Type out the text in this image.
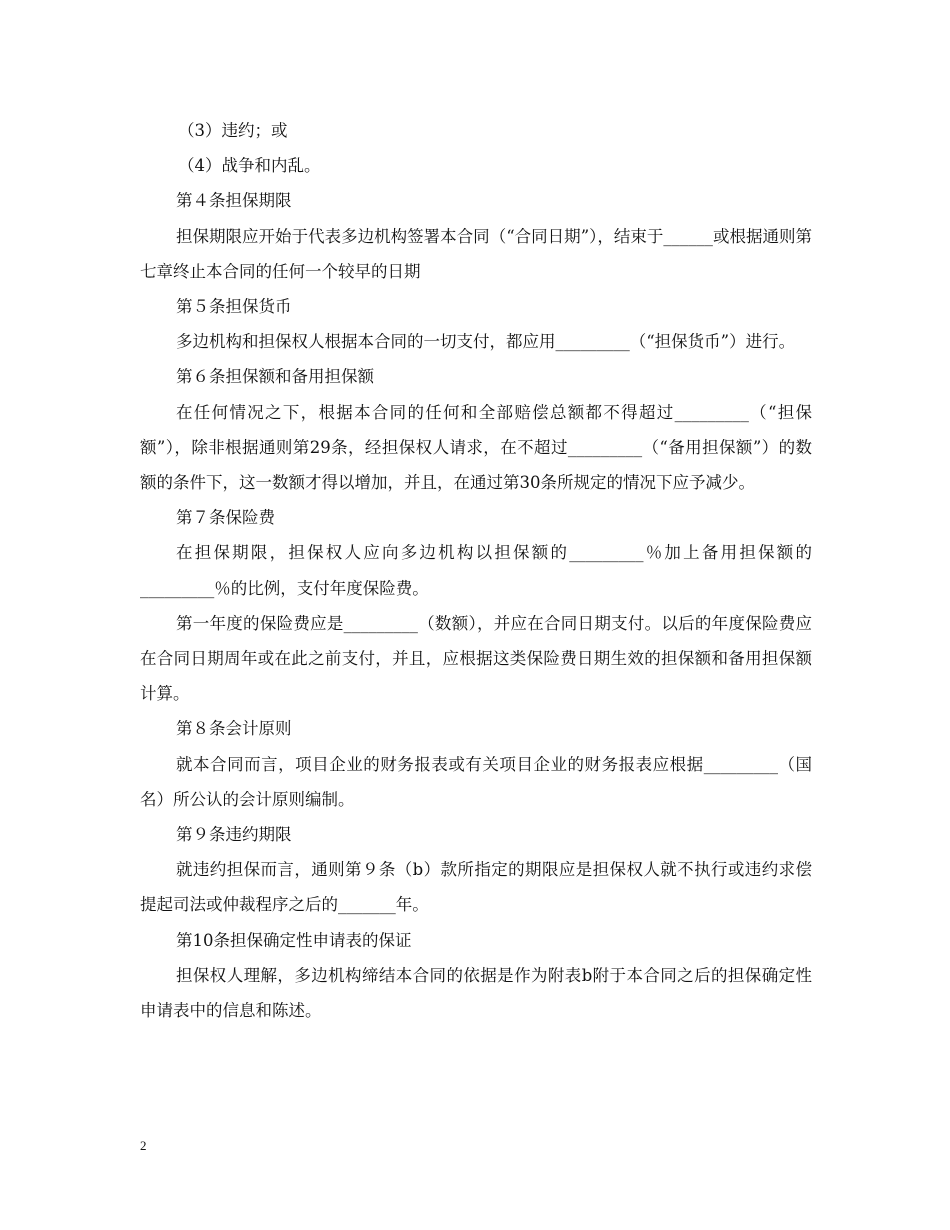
（3）违约；或

（4）战争和内乱。

第４条担保期限

担保期限应开始于代表多边机构签署本合同（“合同日期”），结束于______或根据通则第七章终止本合同的任何一个较早的日期

第５条担保货币

多边机构和担保权人根据本合同的一切支付，都应用_________（“担保货币”）进行。

第６条担保额和备用担保额

在任何情况之下，根据本合同的任何和全部赔偿总额都不得超过_________（“担保额”），除非根据通则第29条，经担保权人请求，在不超过_________（“备用担保额”）的数额的条件下，这一数额才得以增加，并且，在通过第30条所规定的情况下应予减少。

第７条保险费

在担保期限，担保权人应向多边机构以担保额的_________％加上备用担保额的_________％的比例，支付年度保险费。

第一年度的保险费应是_________（数额），并应在合同日期支付。以后的年度保险费应在合同日期周年或在此之前支付，并且，应根据这类保险费日期生效的担保额和备用担保额计算。

第８条会计原则

就本合同而言，项目企业的财务报表或有关项目企业的财务报表应根据_________（国名）所公认的会计原则编制。

第９条违约期限

就违约担保而言，通则第９条（b）款所指定的期限应是担保权人就不执行或违约求偿提起司法或仲裁程序之后的_______年。

第10条担保确定性申请表的保证

担保权人理解，多边机构缔结本合同的依据是作为附表b附于本合同之后的担保确定性申请表中的信息和陈述。

2
